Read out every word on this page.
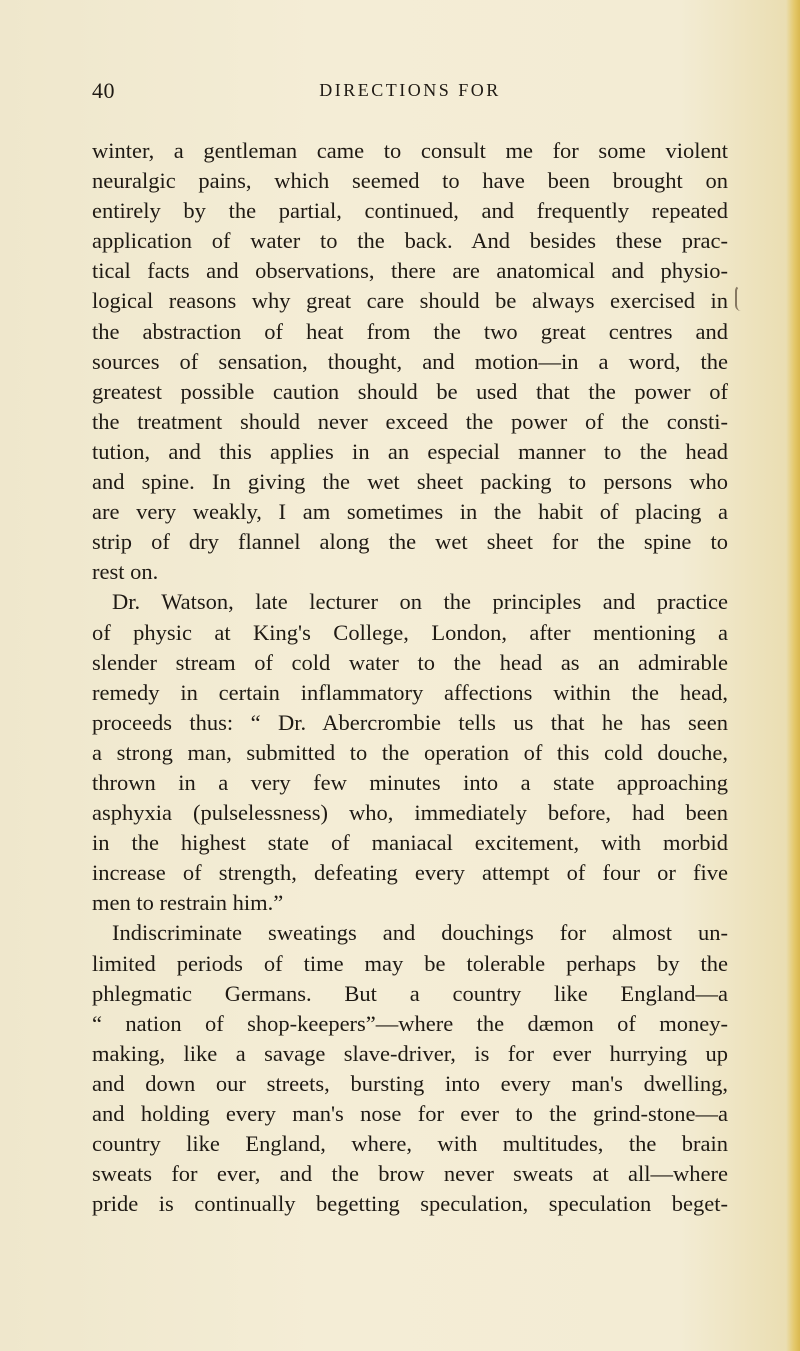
40	DIRECTIONS FOR
winter, a gentleman came to consult me for some violent
neuralgic pains, which seemed to have been brought on
entirely by the partial, continued, and frequently repeated
application of water to the back. And besides these prac-
tical facts and observations, there are anatomical and physio-
logical reasons why great care should be always exercised in
the abstraction of heat from the two great centres and
sources of sensation, thought, and motion—in a word, the
greatest possible caution should be used that the power of
the treatment should never exceed the power of the consti-
tution, and this applies in an especial manner to the head
and spine. In giving the wet sheet packing to persons who
are very weakly, I am sometimes in the habit of placing a
strip of dry flannel along the wet sheet for the spine to
rest on.
Dr. Watson, late lecturer on the principles and practice
of physic at King's College, London, after mentioning a
slender stream of cold water to the head as an admirable
remedy in certain inflammatory affections within the head,
proceeds thus: “ Dr. Abercrombie tells us that he has seen
a strong man, submitted to the operation of this cold douche,
thrown in a very few minutes into a state approaching
asphyxia (pulselessness) who, immediately before, had been
in the highest state of maniacal excitement, with morbid
increase of strength, defeating every attempt of four or five
men to restrain him.”
Indiscriminate sweatings and douchings for almost un-
limited periods of time may be tolerable perhaps by the
phlegmatic Germans. But a country like England—a
“ nation of shop-keepers”—where the dæmon of money-
making, like a savage slave-driver, is for ever hurrying up
and down our streets, bursting into every man's dwelling,
and holding every man's nose for ever to the grind-stone—a
country like England, where, with multitudes, the brain
sweats for ever, and the brow never sweats at all—where
pride is continually begetting speculation, speculation beget-
